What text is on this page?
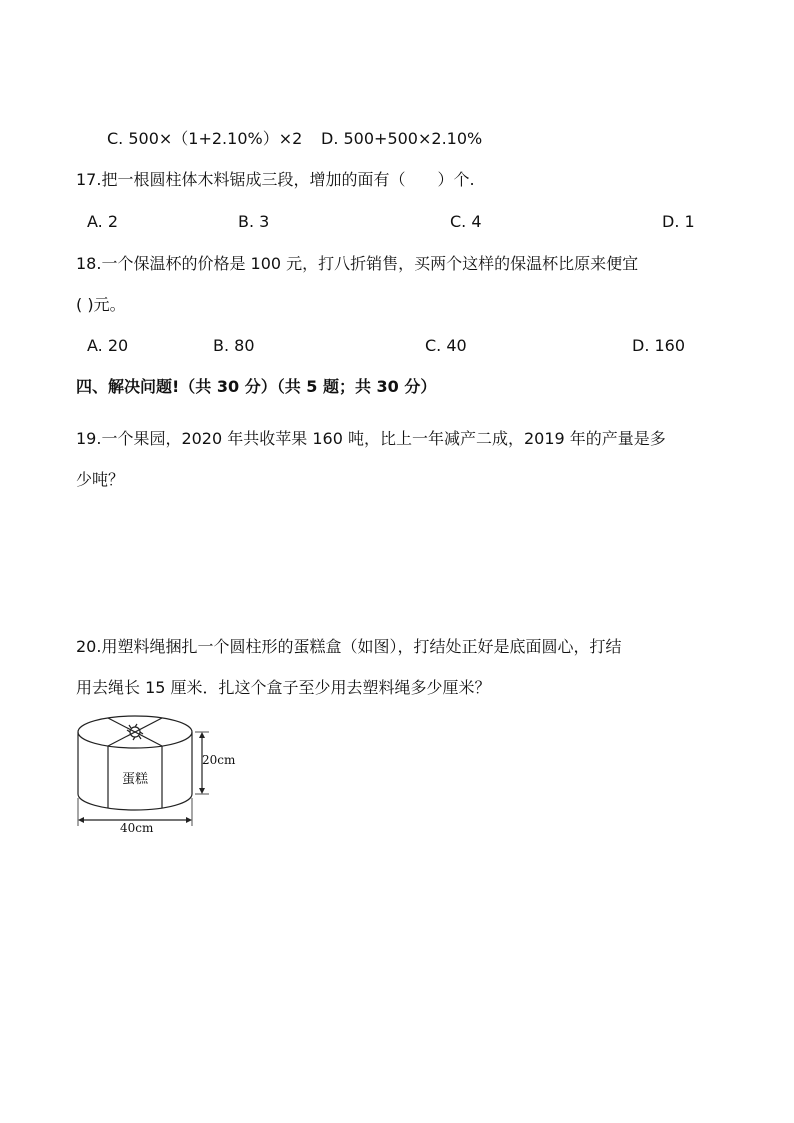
C. 500×（1+2.10%）×2 D. 500+500×2.10%
17.把一根圆柱体木料锯成三段，增加的面有（　　）个.
A. 2	B. 3	C. 4	D. 1
18.一个保温杯的价格是 100 元，打八折销售，买两个这样的保温杯比原来便宜
( )元。
A. 20	B. 80	C. 40	D. 160
四、解决问题!（共 30 分）（共 5 题；共 30 分）
19.一个果园，2020 年共收苹果 160 吨，比上一年减产二成，2019 年的产量是多
少吨？
20.用塑料绳捆扎一个圆柱形的蛋糕盒（如图），打结处正好是底面圆心，打结
用去绳长 15 厘米．扎这个盒子至少用去塑料绳多少厘米？
蛋糕
20cm
40cm
